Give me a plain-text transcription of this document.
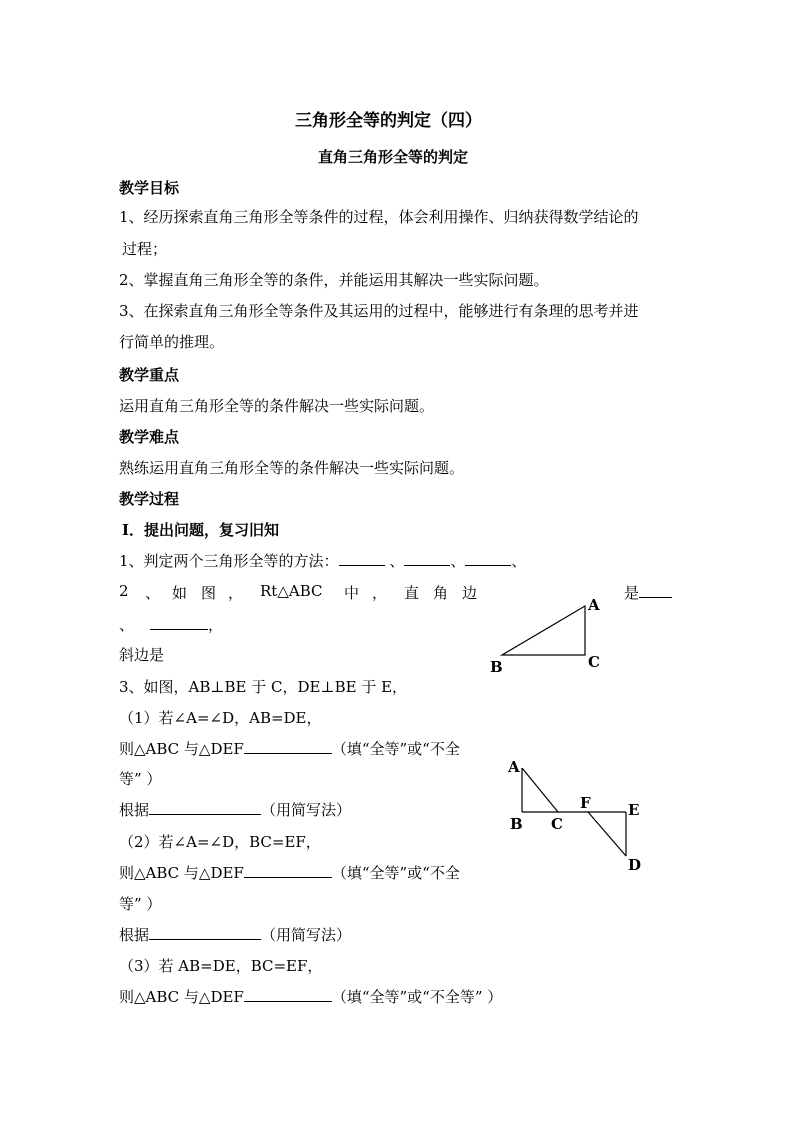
三角形全等的判定（四）
直角三角形全等的判定
教学目标
1、经历探索直角三角形全等条件的过程，体会利用操作、归纳获得数学结论的
过程；
2、掌握直角三角形全等的条件，并能运用其解决一些实际问题。
3、在探索直角三角形全等条件及其运用的过程中，能够进行有条理的思考并进
行简单的推理。
教学重点
运用直角三角形全等的条件解决一些实际问题。
教学难点
熟练运用直角三角形全等的条件解决一些实际问题。
教学过程
Ⅰ．提出问题，复习旧知
1、判定两个三角形全等的方法：	、	、	、
2 、 如 图 ， Rt△ABC 中 ， 直 角 边	是
、	，
斜边是
3、如图，AB⊥BE 于 C，DE⊥BE 于 E，
（1）若∠A=∠D，AB=DE，
则△ABC 与△DEF	（填“全等”或“不全
等” ）
根据	（用简写法）
（2）若∠A=∠D，BC=EF，
则△ABC 与△DEF	（填“全等”或“不全
等” ）
根据	（用简写法）
（3）若 AB=DE，BC=EF，
则△ABC 与△DEF	（填“全等”或“不全等” ）
A
B	C
A
B C
F E
D
